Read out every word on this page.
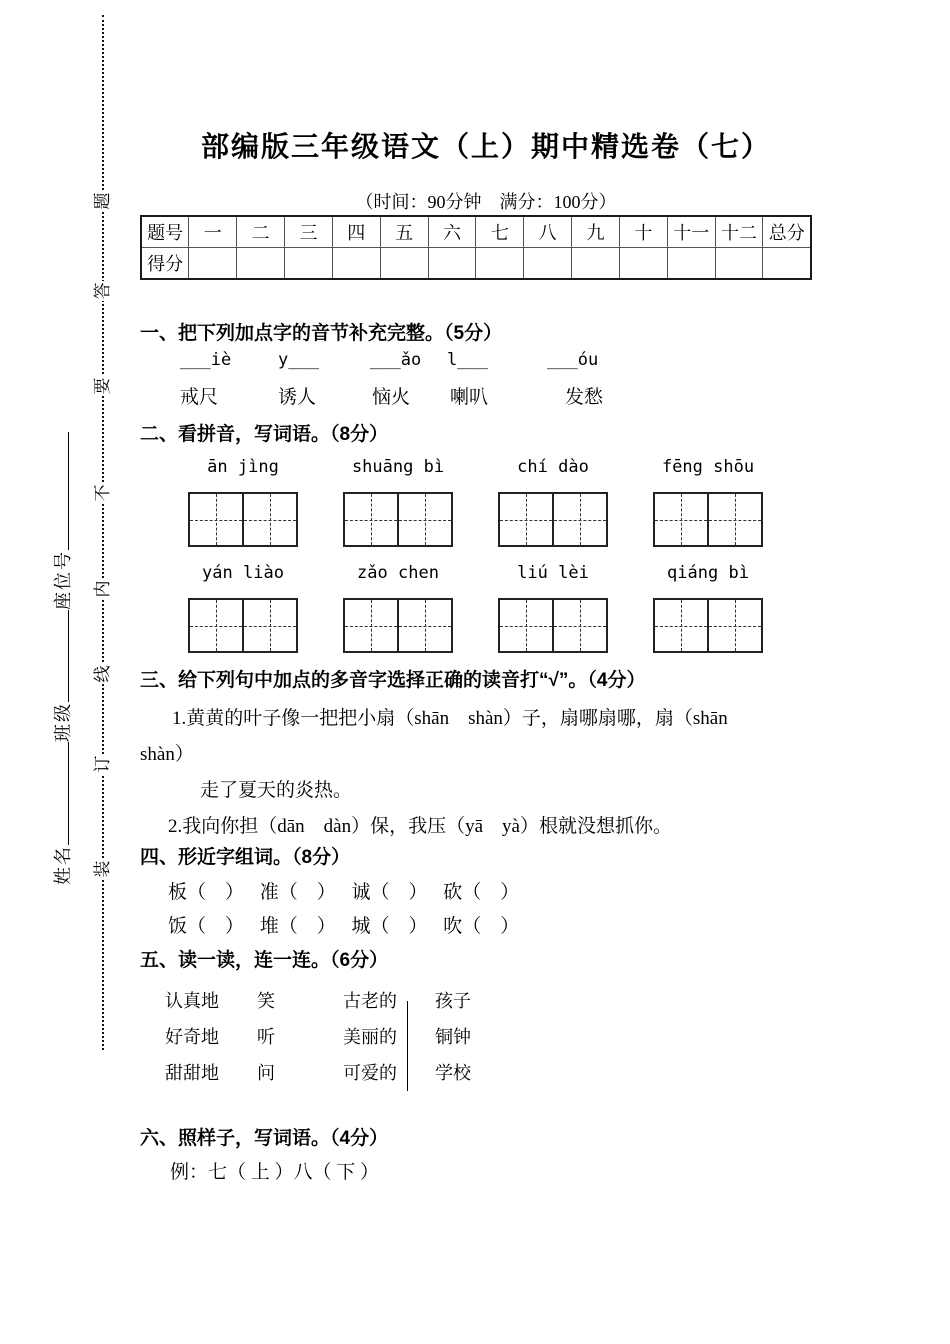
姓名
班级
座位号
题
答
要
不
内
线
订
装
部编版三年级语文（上）期中精选卷（七）
（时间：90分钟　满分：100分）
题号	一	二	三	四	五	六	七	八	九	十	十一	十二	总分
得分													
一、把下列加点字的音节补充完整。（5分）
___iè	y___	___ǎo l___	___óu
戒尺	诱人	恼火 喇叭	发愁
二、看拼音，写词语。（8分）
ān jìng	shuāng bì	chí dào	fēng shōu
yán liào	zǎo chen	liú lèi	qiáng bì
三、给下列句中加点的多音字选择正确的读音打“√”。（4分）
1.黄黄的叶子像一把把小扇（shān　shàn）子，扇哪扇哪，扇（shān
shàn）
走了夏天的炎热。
2.我向你担（dān　dàn）保，我压（yā　yà）根就没想抓你。
四、形近字组词。（8分）
板（　） 准（　） 诚（　） 砍（　）
饭（　） 堆（　） 城（　） 吹（　）
五、读一读，连一连。（6分）
认真地 笑	古老的 孩子
好奇地 听	美丽的 铜钟
甜甜地 问	可爱的 学校
六、照样子，写词语。（4分）
例：七（ 上 ）八（ 下 ）
